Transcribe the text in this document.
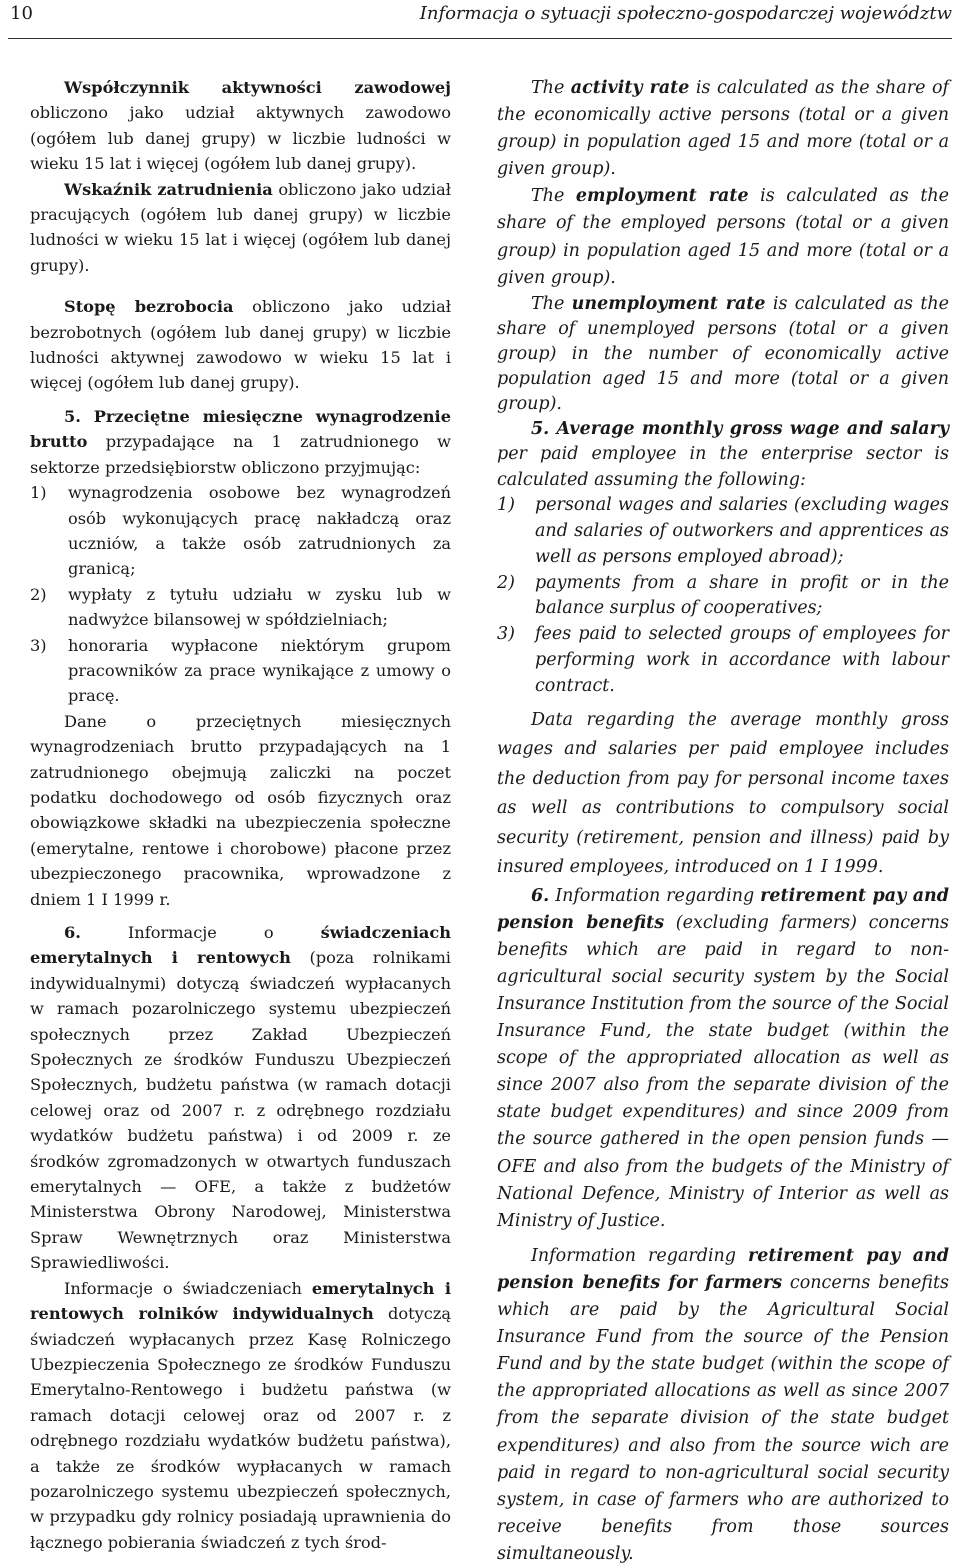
10	Informacja o sytuacji społeczno-gospodarczej województw

Współczynnik aktywności zawodowej obliczono jako udział aktywnych zawodowo (ogółem lub danej grupy) w liczbie ludności w wieku 15 lat i więcej (ogółem lub danej grupy).

Wskaźnik zatrudnienia obliczono jako udział pracujących (ogółem lub danej grupy) w liczbie ludności w wieku 15 lat i więcej (ogółem lub danej grupy).

Stopę bezrobocia obliczono jako udział bezrobotnych (ogółem lub danej grupy) w liczbie ludności aktywnej zawodowo w wieku 15 lat i więcej (ogółem lub danej grupy).

5. Przeciętne miesięczne wynagrodzenie brutto przypadające na 1 zatrudnionego w sektorze przedsiębiorstw obliczono przyjmując:

1) wynagrodzenia osobowe bez wynagrodzeń osób wykonujących pracę nakładczą oraz uczniów, a także osób zatrudnionych za granicą;
2) wypłaty z tytułu udziału w zysku lub w nadwyżce bilansowej w spółdzielniach;
3) honoraria wypłacone niektórym grupom pracowników za prace wynikające z umowy o pracę.

Dane o przeciętnych miesięcznych wynagrodzeniach brutto przypadających na 1 zatrudnionego obejmują zaliczki na poczet podatku dochodowego od osób fizycznych oraz obowiązkowe składki na ubezpieczenia społeczne (emerytalne, rentowe i chorobowe) płacone przez ubezpieczonego pracownika, wprowadzone z dniem 1 I 1999 r.

6. Informacje o świadczeniach emerytalnych i rentowych (poza rolnikami indywidualnymi) dotyczą świadczeń wypłacanych w ramach pozarolniczego systemu ubezpieczeń społecznych przez Zakład Ubezpieczeń Społecznych ze środków Funduszu Ubezpieczeń Społecznych, budżetu państwa (w ramach dotacji celowej oraz od 2007 r. z odrębnego rozdziału wydatków budżetu państwa) i od 2009 r. ze środków zgromadzonych w otwartych funduszach emerytalnych — OFE, a także z budżetów Ministerstwa Obrony Narodowej, Ministerstwa Spraw Wewnętrznych oraz Ministerstwa Sprawiedliwości.

Informacje o świadczeniach emerytalnych i rentowych rolników indywidualnych dotyczą świadczeń wypłacanych przez Kasę Rolniczego Ubezpieczenia Społecznego ze środków Funduszu Emerytalno-Rentowego i budżetu państwa (w ramach dotacji celowej oraz od 2007 r. z odrębnego rozdziału wydatków budżetu państwa), a także ze środków wypłacanych w ramach pozarolniczego systemu ubezpieczeń społecznych, w przypadku gdy rolnicy posiadają uprawnienia do łącznego pobierania świadczeń z tych środ-

The activity rate is calculated as the share of the economically active persons (total or a given group) in population aged 15 and more (total or a given group).

The employment rate is calculated as the share of the employed persons (total or a given group) in population aged 15 and more (total or a given group).

The unemployment rate is calculated as the share of unemployed persons (total or a given group) in the number of economically active population aged 15 and more (total or a given group).

5. Average monthly gross wage and salary per paid employee in the enterprise sector is calculated assuming the following:

1) personal wages and salaries (excluding wages and salaries of outworkers and apprentices as well as persons employed abroad);
2) payments from a share in profit or in the balance surplus of cooperatives;
3) fees paid to selected groups of employees for performing work in accordance with labour contract.

Data regarding the average monthly gross wages and salaries per paid employee includes the deduction from pay for personal income taxes as well as contributions to compulsory social security (retirement, pension and illness) paid by insured employees, introduced on 1 I 1999.

6. Information regarding retirement pay and pension benefits (excluding farmers) concerns benefits which are paid in regard to non-agricultural social security system by the Social Insurance Institution from the source of the Social Insurance Fund, the state budget (within the scope of the appropriated allocation as well as since 2007 also from the separate division of the state budget expenditures) and since 2009 from the source gathered in the open pension funds — OFE and also from the budgets of the Ministry of National Defence, Ministry of Interior as well as Ministry of Justice.

Information regarding retirement pay and pension benefits for farmers concerns benefits which are paid by the Agricultural Social Insurance Fund from the source of the Pension Fund and by the state budget (within the scope of the appropriated allocations as well as since 2007 from the separate division of the state budget expenditures) and also from the source wich are paid in regard to non-agricultural social security system, in case of farmers who are authorized to receive benefits from those sources simultaneously.
